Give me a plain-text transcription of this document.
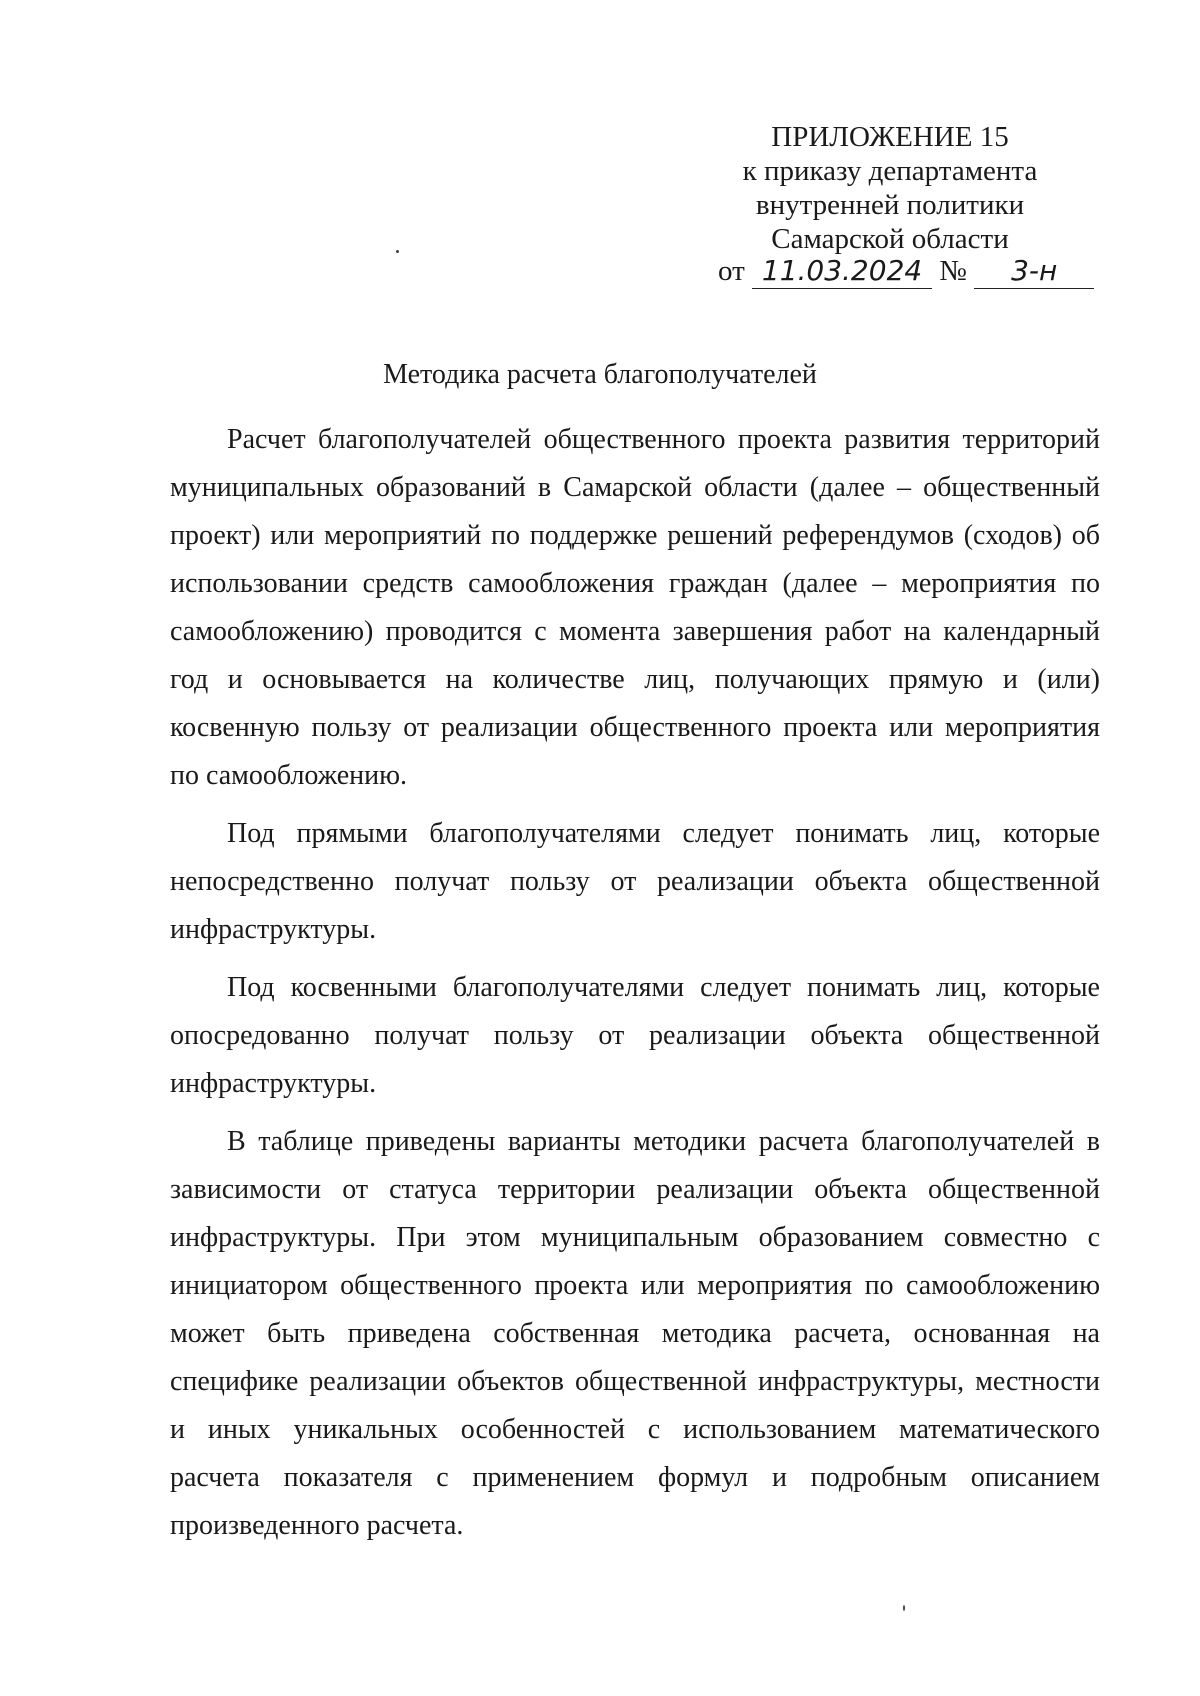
ПРИЛОЖЕНИЕ 15
к приказу департамента
внутренней политики
Самарской области
от 11.03.2024 № 3-н
Методика расчета благополучателей

Расчет благополучателей общественного проекта развития территорий муниципальных образований в Самарской области (далее – общественный проект) или мероприятий по поддержке решений референдумов (сходов) об использовании средств самообложения граждан (далее – мероприятия по самообложению) проводится с момента завершения работ на календарный год и основывается на количестве лиц, получающих прямую и (или) косвенную пользу от реализации общественного проекта или мероприятия по самообложению.

Под прямыми благополучателями следует понимать лиц, которые непосредственно получат пользу от реализации объекта общественной инфраструктуры.

Под косвенными благополучателями следует понимать лиц, которые опосредованно получат пользу от реализации объекта общественной инфраструктуры.

В таблице приведены варианты методики расчета благополучателей в зависимости от статуса территории реализации объекта общественной инфраструктуры. При этом муниципальным образованием совместно с инициатором общественного проекта или мероприятия по самообложению может быть приведена собственная методика расчета, основанная на специфике реализации объектов общественной инфраструктуры, местности и иных уникальных особенностей с использованием математического расчета показателя с применением формул и подробным описанием произведенного расчета.
